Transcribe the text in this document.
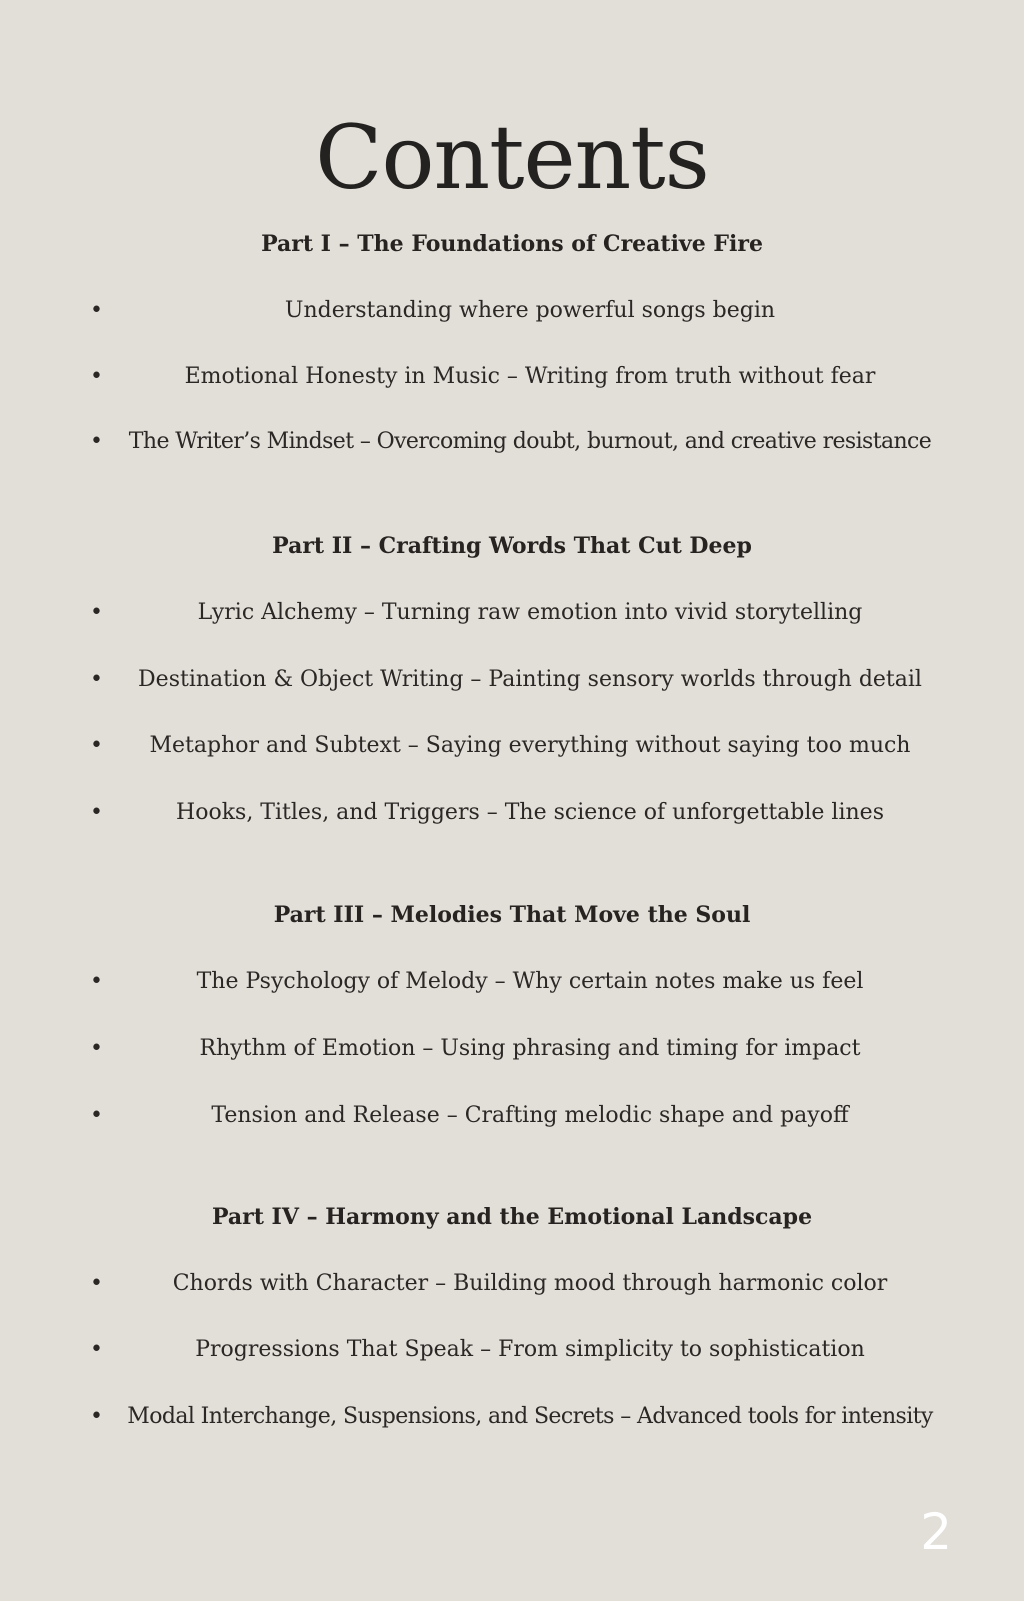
Contents
Part I – The Foundations of Creative Fire
•	Understanding where powerful songs begin
•	Emotional Honesty in Music – Writing from truth without fear
•	The Writer’s Mindset – Overcoming doubt, burnout, and creative resistance
Part II – Crafting Words That Cut Deep
•	Lyric Alchemy – Turning raw emotion into vivid storytelling
•	Destination & Object Writing – Painting sensory worlds through detail
•	Metaphor and Subtext – Saying everything without saying too much
•	Hooks, Titles, and Triggers – The science of unforgettable lines
Part III – Melodies That Move the Soul
•	The Psychology of Melody – Why certain notes make us feel
•	Rhythm of Emotion – Using phrasing and timing for impact
•	Tension and Release – Crafting melodic shape and payoff
Part IV – Harmony and the Emotional Landscape
•	Chords with Character – Building mood through harmonic color
•	Progressions That Speak – From simplicity to sophistication
•	Modal Interchange, Suspensions, and Secrets – Advanced tools for intensity
2
